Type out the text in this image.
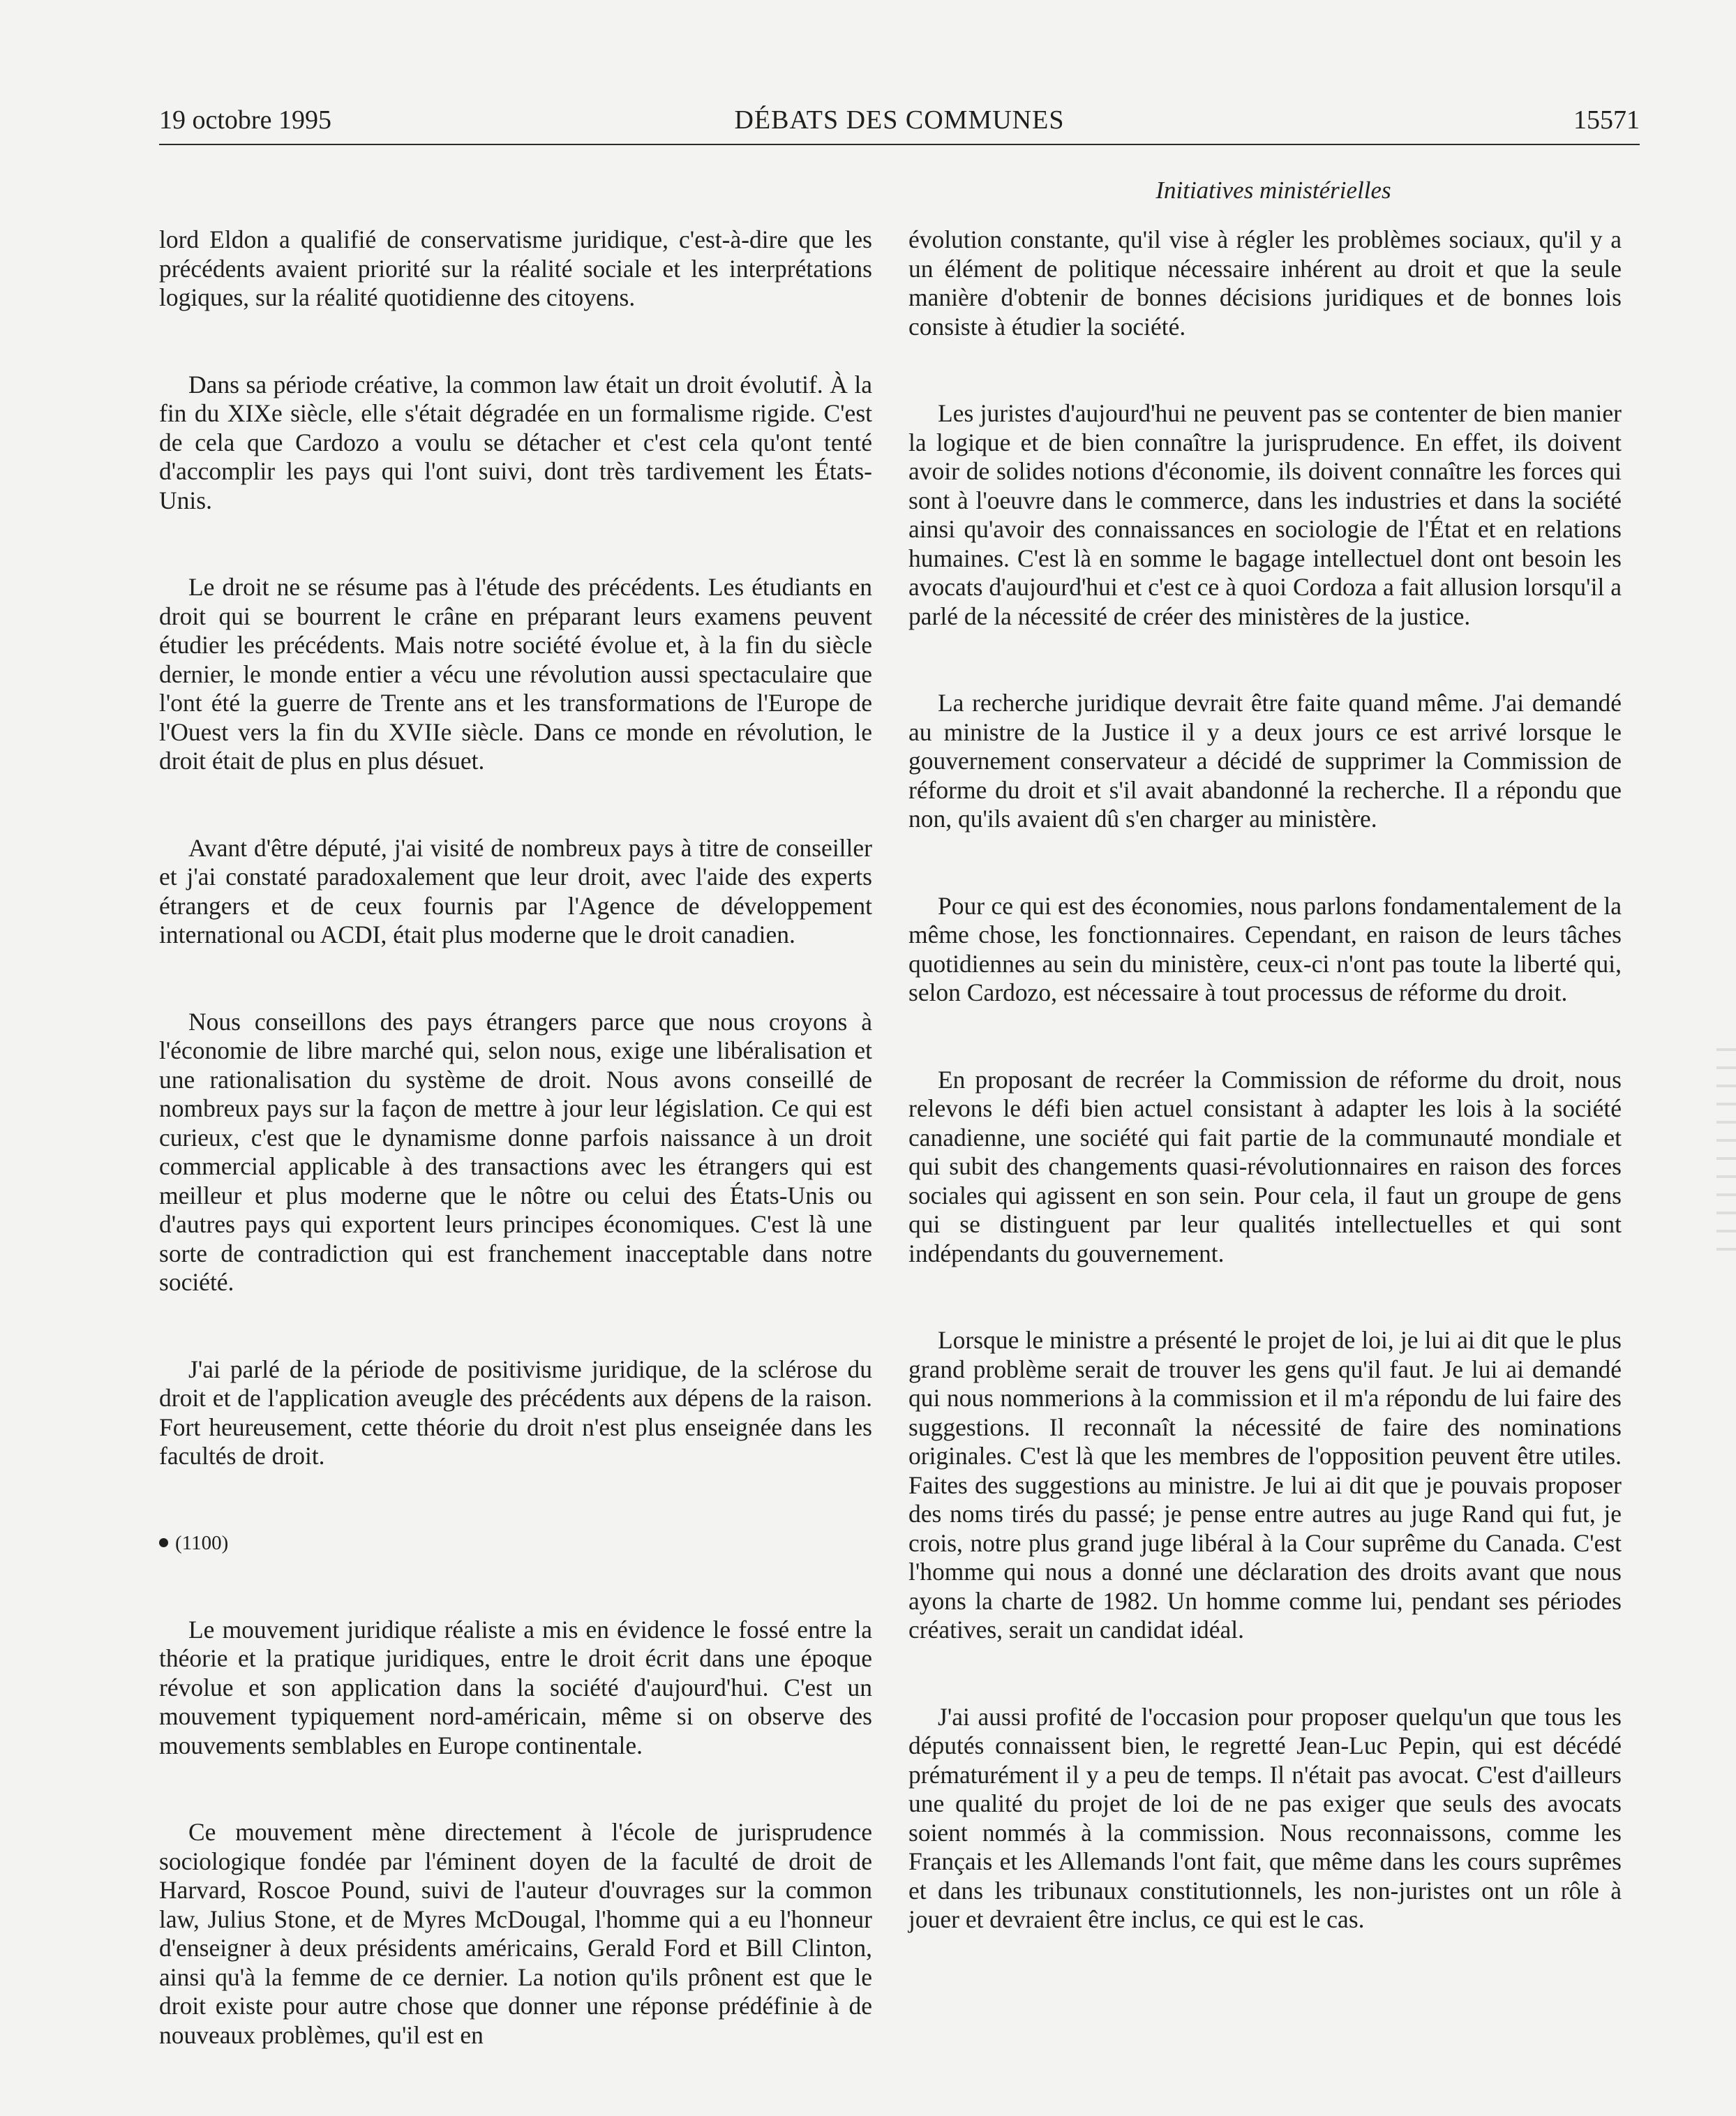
19 octobre 1995	DÉBATS DES COMMUNES	15571
Initiatives ministérielles

lord Eldon a qualifié de conservatisme juridique, c'est-à-dire que les précédents avaient priorité sur la réalité sociale et les interprétations logiques, sur la réalité quotidienne des citoyens.

Dans sa période créative, la common law était un droit évolutif. À la fin du XIXe siècle, elle s'était dégradée en un formalisme rigide. C'est de cela que Cardozo a voulu se détacher et c'est cela qu'ont tenté d'accomplir les pays qui l'ont suivi, dont très tardivement les États-Unis.

Le droit ne se résume pas à l'étude des précédents. Les étudiants en droit qui se bourrent le crâne en préparant leurs examens peuvent étudier les précédents. Mais notre société évolue et, à la fin du siècle dernier, le monde entier a vécu une révolution aussi spectaculaire que l'ont été la guerre de Trente ans et les transformations de l'Europe de l'Ouest vers la fin du XVIIe siècle. Dans ce monde en révolution, le droit était de plus en plus désuet.

Avant d'être député, j'ai visité de nombreux pays à titre de conseiller et j'ai constaté paradoxalement que leur droit, avec l'aide des experts étrangers et de ceux fournis par l'Agence de développement international ou ACDI, était plus moderne que le droit canadien.

Nous conseillons des pays étrangers parce que nous croyons à l'économie de libre marché qui, selon nous, exige une libéralisation et une rationalisation du système de droit. Nous avons conseillé de nombreux pays sur la façon de mettre à jour leur législation. Ce qui est curieux, c'est que le dynamisme donne parfois naissance à un droit commercial applicable à des transactions avec les étrangers qui est meilleur et plus moderne que le nôtre ou celui des États-Unis ou d'autres pays qui exportent leurs principes économiques. C'est là une sorte de contradiction qui est franchement inacceptable dans notre société.

J'ai parlé de la période de positivisme juridique, de la sclérose du droit et de l'application aveugle des précédents aux dépens de la raison. Fort heureusement, cette théorie du droit n'est plus enseignée dans les facultés de droit.

(1100)

Le mouvement juridique réaliste a mis en évidence le fossé entre la théorie et la pratique juridiques, entre le droit écrit dans une époque révolue et son application dans la société d'aujourd'hui. C'est un mouvement typiquement nord-américain, même si on observe des mouvements semblables en Europe continentale.

Ce mouvement mène directement à l'école de jurisprudence sociologique fondée par l'éminent doyen de la faculté de droit de Harvard, Roscoe Pound, suivi de l'auteur d'ouvrages sur la common law, Julius Stone, et de Myres McDougal, l'homme qui a eu l'honneur d'enseigner à deux présidents américains, Gerald Ford et Bill Clinton, ainsi qu'à la femme de ce dernier. La notion qu'ils prônent est que le droit existe pour autre chose que donner une réponse prédéfinie à de nouveaux problèmes, qu'il est en

évolution constante, qu'il vise à régler les problèmes sociaux, qu'il y a un élément de politique nécessaire inhérent au droit et que la seule manière d'obtenir de bonnes décisions juridiques et de bonnes lois consiste à étudier la société.

Les juristes d'aujourd'hui ne peuvent pas se contenter de bien manier la logique et de bien connaître la jurisprudence. En effet, ils doivent avoir de solides notions d'économie, ils doivent connaître les forces qui sont à l'oeuvre dans le commerce, dans les industries et dans la société ainsi qu'avoir des connaissances en sociologie de l'État et en relations humaines. C'est là en somme le bagage intellectuel dont ont besoin les avocats d'aujourd'hui et c'est ce à quoi Cordoza a fait allusion lorsqu'il a parlé de la nécessité de créer des ministères de la justice.

La recherche juridique devrait être faite quand même. J'ai demandé au ministre de la Justice il y a deux jours ce est arrivé lorsque le gouvernement conservateur a décidé de supprimer la Commission de réforme du droit et s'il avait abandonné la recherche. Il a répondu que non, qu'ils avaient dû s'en charger au ministère.

Pour ce qui est des économies, nous parlons fondamentalement de la même chose, les fonctionnaires. Cependant, en raison de leurs tâches quotidiennes au sein du ministère, ceux-ci n'ont pas toute la liberté qui, selon Cardozo, est nécessaire à tout processus de réforme du droit.

En proposant de recréer la Commission de réforme du droit, nous relevons le défi bien actuel consistant à adapter les lois à la société canadienne, une société qui fait partie de la communauté mondiale et qui subit des changements quasi-révolutionnaires en raison des forces sociales qui agissent en son sein. Pour cela, il faut un groupe de gens qui se distinguent par leur qualités intellectuelles et qui sont indépendants du gouvernement.

Lorsque le ministre a présenté le projet de loi, je lui ai dit que le plus grand problème serait de trouver les gens qu'il faut. Je lui ai demandé qui nous nommerions à la commission et il m'a répondu de lui faire des suggestions. Il reconnaît la nécessité de faire des nominations originales. C'est là que les membres de l'opposition peuvent être utiles. Faites des suggestions au ministre. Je lui ai dit que je pouvais proposer des noms tirés du passé; je pense entre autres au juge Rand qui fut, je crois, notre plus grand juge libéral à la Cour suprême du Canada. C'est l'homme qui nous a donné une déclaration des droits avant que nous ayons la charte de 1982. Un homme comme lui, pendant ses périodes créatives, serait un candidat idéal.

J'ai aussi profité de l'occasion pour proposer quelqu'un que tous les députés connaissent bien, le regretté Jean-Luc Pepin, qui est décédé prématurément il y a peu de temps. Il n'était pas avocat. C'est d'ailleurs une qualité du projet de loi de ne pas exiger que seuls des avocats soient nommés à la commission. Nous reconnaissons, comme les Français et les Allemands l'ont fait, que même dans les cours suprêmes et dans les tribunaux constitutionnels, les non-juristes ont un rôle à jouer et devraient être inclus, ce qui est le cas.
